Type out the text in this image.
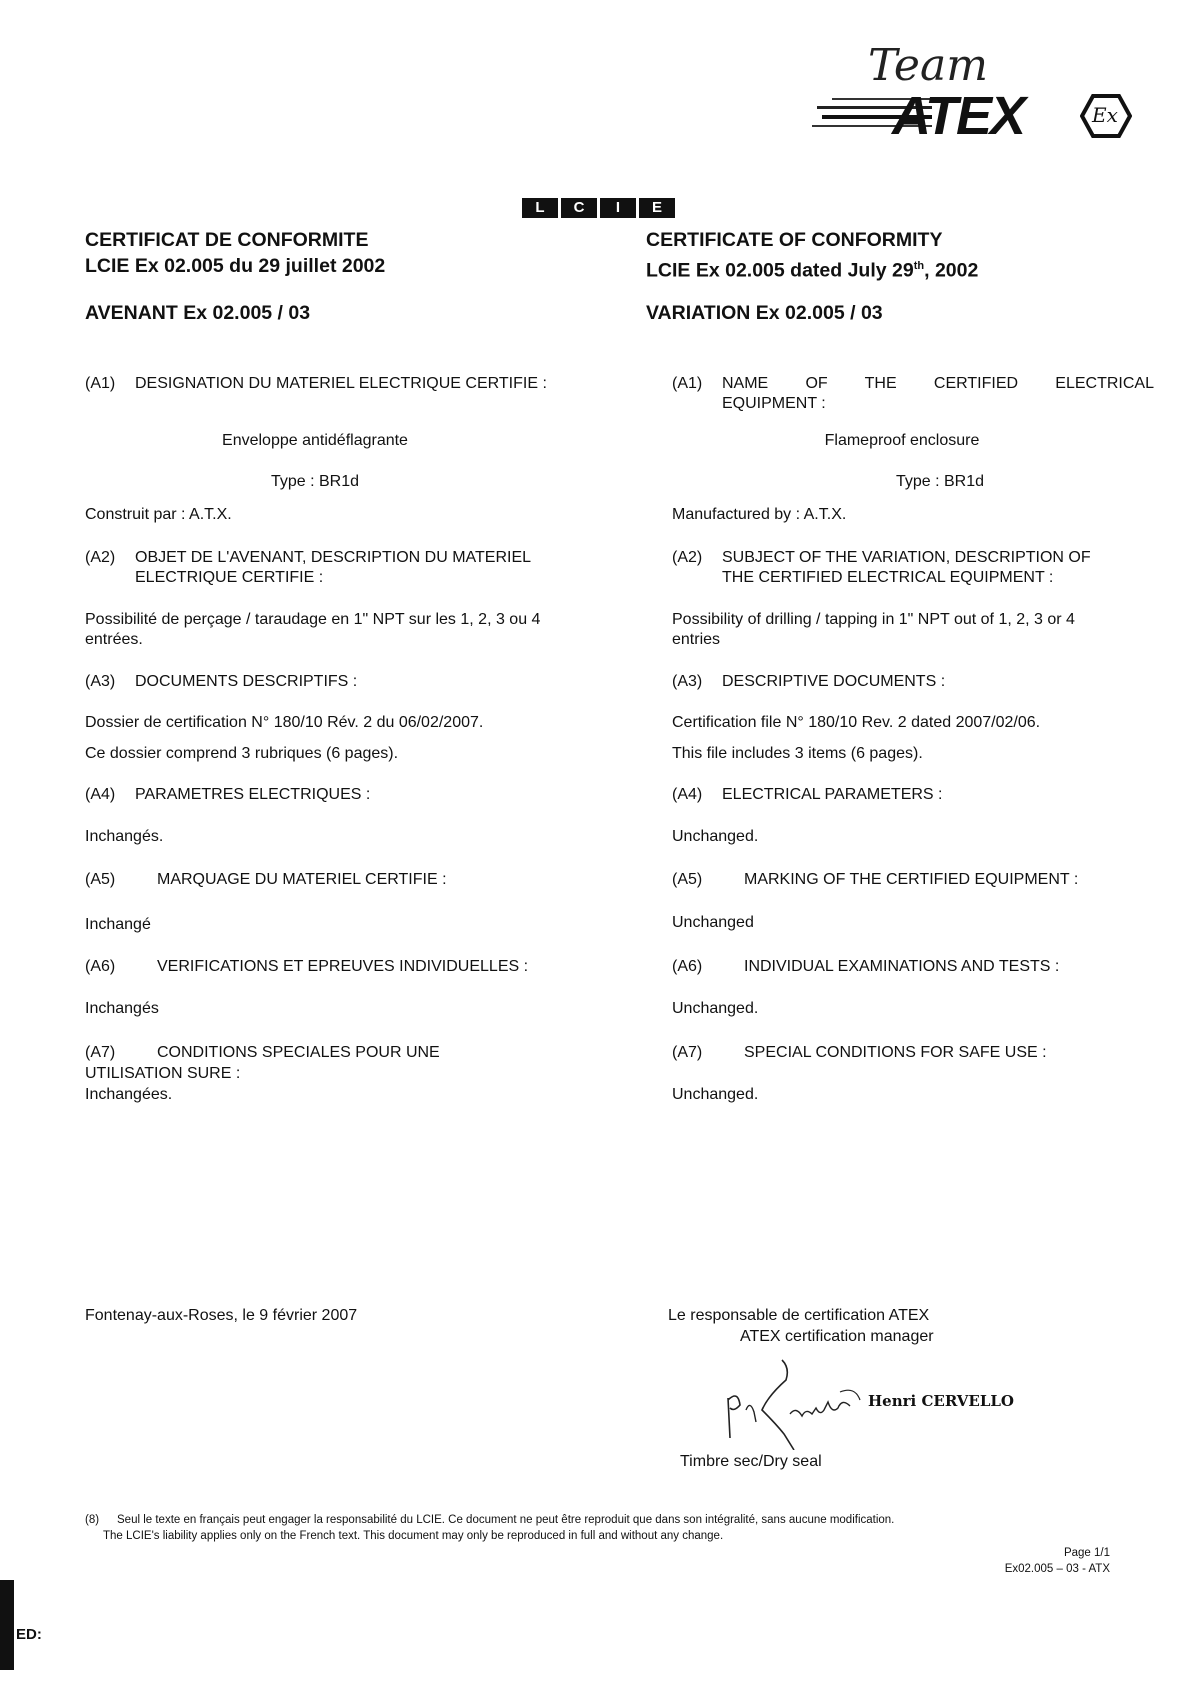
Team
ATEX	Ex
L	C	I	E
CERTIFICAT DE CONFORMITE
LCIE Ex 02.005 du 29 juillet 2002
AVENANT Ex 02.005 / 03
(A1) DESIGNATION DU MATERIEL ELECTRIQUE CERTIFIE :
Enveloppe antidéflagrante
Type : BR1d
Construit par : A.T.X.
(A2) OBJET DE L'AVENANT, DESCRIPTION DU MATERIEL
ELECTRIQUE CERTIFIE :
Possibilité de perçage / taraudage en 1" NPT sur les 1, 2, 3 ou 4
entrées.
(A3) DOCUMENTS DESCRIPTIFS :
Dossier de certification N° 180/10 Rév. 2 du 06/02/2007.
Ce dossier comprend 3 rubriques (6 pages).
(A4) PARAMETRES ELECTRIQUES :
Inchangés.
(A5)	MARQUAGE DU MATERIEL CERTIFIE :
Inchangé
(A6)	VERIFICATIONS ET EPREUVES INDIVIDUELLES :
Inchangés
(A7)	CONDITIONS SPECIALES POUR UNE
UTILISATION SURE :
Inchangées.
Fontenay-aux-Roses, le 9 février 2007
CERTIFICATE OF CONFORMITY
LCIE Ex 02.005 dated July 29th, 2002
VARIATION Ex 02.005 / 03
(A1) NAME OF THE CERTIFIED ELECTRICAL
EQUIPMENT :
Flameproof enclosure
Type : BR1d
Manufactured by : A.T.X.
(A2) SUBJECT OF THE VARIATION, DESCRIPTION OF
THE CERTIFIED ELECTRICAL EQUIPMENT :
Possibility of drilling / tapping in 1" NPT out of 1, 2, 3 or 4
entries
(A3) DESCRIPTIVE DOCUMENTS :
Certification file N° 180/10 Rev. 2 dated 2007/02/06.
This file includes 3 items (6 pages).
(A4) ELECTRICAL PARAMETERS :
Unchanged.
(A5)	MARKING OF THE CERTIFIED EQUIPMENT :
Unchanged
(A6)	INDIVIDUAL EXAMINATIONS AND TESTS :
Unchanged.
(A7)	SPECIAL CONDITIONS FOR SAFE USE :
Unchanged.
Le responsable de certification ATEX
ATEX certification manager
Henri CERVELLO
Timbre sec/Dry seal
(8) Seul le texte en français peut engager la responsabilité du LCIE. Ce document ne peut être reproduit que dans son intégralité, sans aucune modification.
The LCIE's liability applies only on the French text. This document may only be reproduced in full and without any change.
Page 1/1
Ex02.005 – 03 - ATX
ED:
